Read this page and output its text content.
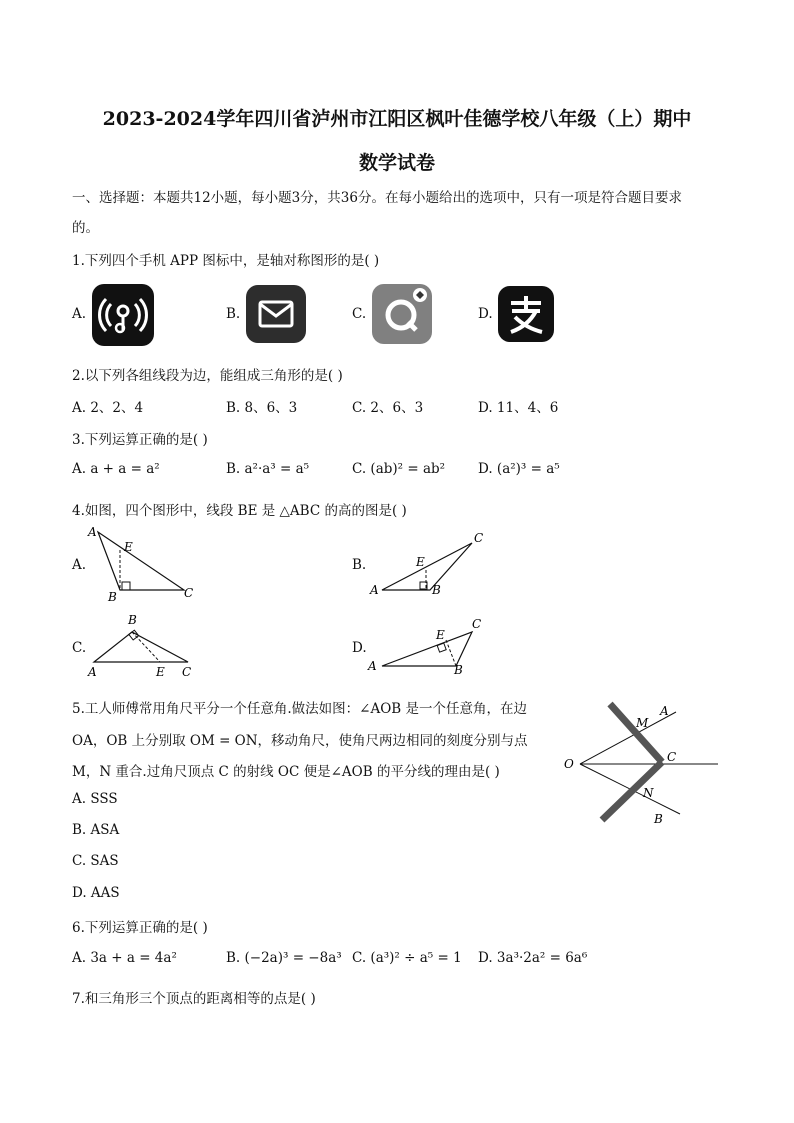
2023-2024学年四川省泸州市江阳区枫叶佳德学校八年级（上）期中
数学试卷
一、选择题：本题共12小题，每小题3分，共36分。在每小题给出的选项中，只有一项是符合题目要求
的。
1.下列四个手机 APP 图标中，是轴对称图形的是( )
A.	B.	C.	D.
2.以下列各组线段为边，能组成三角形的是( )
A. 2、2、4	B. 8、6、3	C. 2、6、3	D. 11、4、6
3.下列运算正确的是( )
A. a + a = a²	B. a²·a³ = a⁵	C. (ab)² = ab² D. (a²)³ = a⁵
4.如图，四个图形中，线段 BE 是 △ABC 的高的图是( )
A.
A
E
B	C
B.
C
E
A	B
C.
B
A	E C
D.
C
E
A	B
5.工人师傅常用角尺平分一个任意角.做法如图：∠AOB 是一个任意角，在边
OA，OB 上分别取 OM = ON，移动角尺，使角尺两边相同的刻度分别与点
M，N 重合.过角尺顶点 C 的射线 OC 便是∠AOB 的平分线的理由是( )
A. SSS
B. ASA
C. SAS
D. AAS
O
A
M
C
N
B
6.下列运算正确的是( )
A. 3a + a = 4a²	B. (−2a)³ = −8a³ C. (a³)² ÷ a⁵ = 1 D. 3a³·2a² = 6a⁶
7.和三角形三个顶点的距离相等的点是( )
